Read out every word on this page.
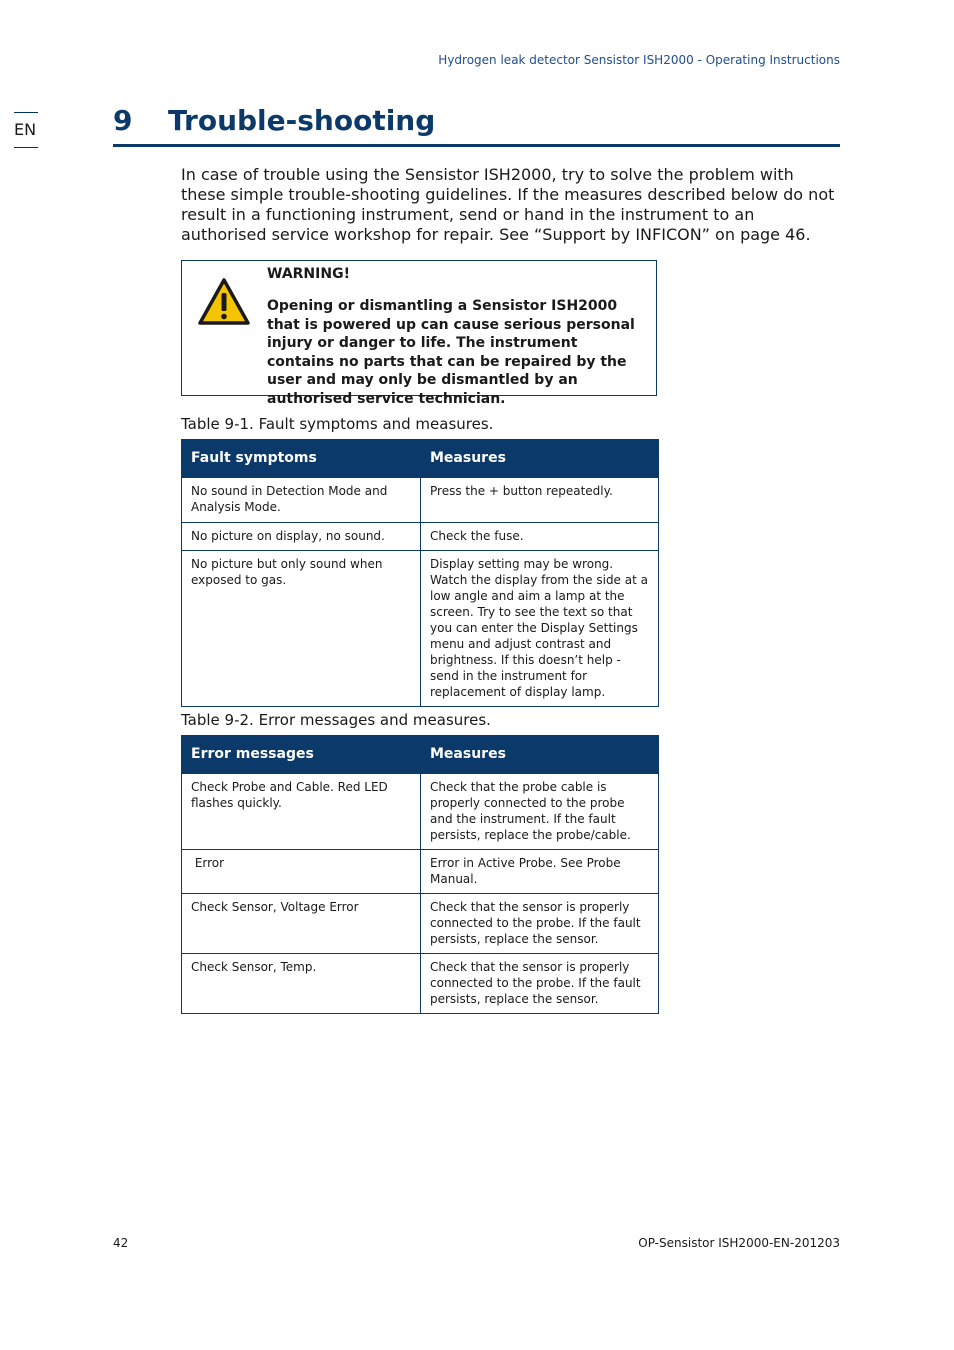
Hydrogen leak detector Sensistor ISH2000 - Operating Instructions
EN	9 Trouble-shooting
In case of trouble using the Sensistor ISH2000, try to solve the problem with these simple trouble-shooting guidelines. If the measures described below do not result in a functioning instrument, send or hand in the instrument to an authorised service workshop for repair. See “Support by INFICON” on page 46.
WARNING!
Opening or dismantling a Sensistor ISH2000 that is powered up can cause serious personal injury or danger to life. The instrument contains no parts that can be repaired by the user and may only be dismantled by an authorised service technician.
Table 9-1. Fault symptoms and measures.
Fault symptoms	Measures
No sound in Detection Mode and Analysis Mode.	Press the + button repeatedly.
No picture on display, no sound.	Check the fuse.
No picture but only sound when exposed to gas.	Display setting may be wrong. Watch the display from the side at a low angle and aim a lamp at the screen. Try to see the text so that you can enter the Display Settings menu and adjust contrast and brightness. If this doesn’t help - send in the instrument for replacement of display lamp.
Table 9-2. Error messages and measures.
Error messages	Measures
Check Probe and Cable. Red LED flashes quickly.	Check that the probe cable is properly connected to the probe and the instrument. If the fault persists, replace the probe/cable.
Error	Error in Active Probe. See Probe Manual.
Check Sensor, Voltage Error	Check that the sensor is properly connected to the probe. If the fault persists, replace the sensor.
Check Sensor, Temp.	Check that the sensor is properly connected to the probe. If the fault persists, replace the sensor.
42	OP-Sensistor ISH2000-EN-201203
